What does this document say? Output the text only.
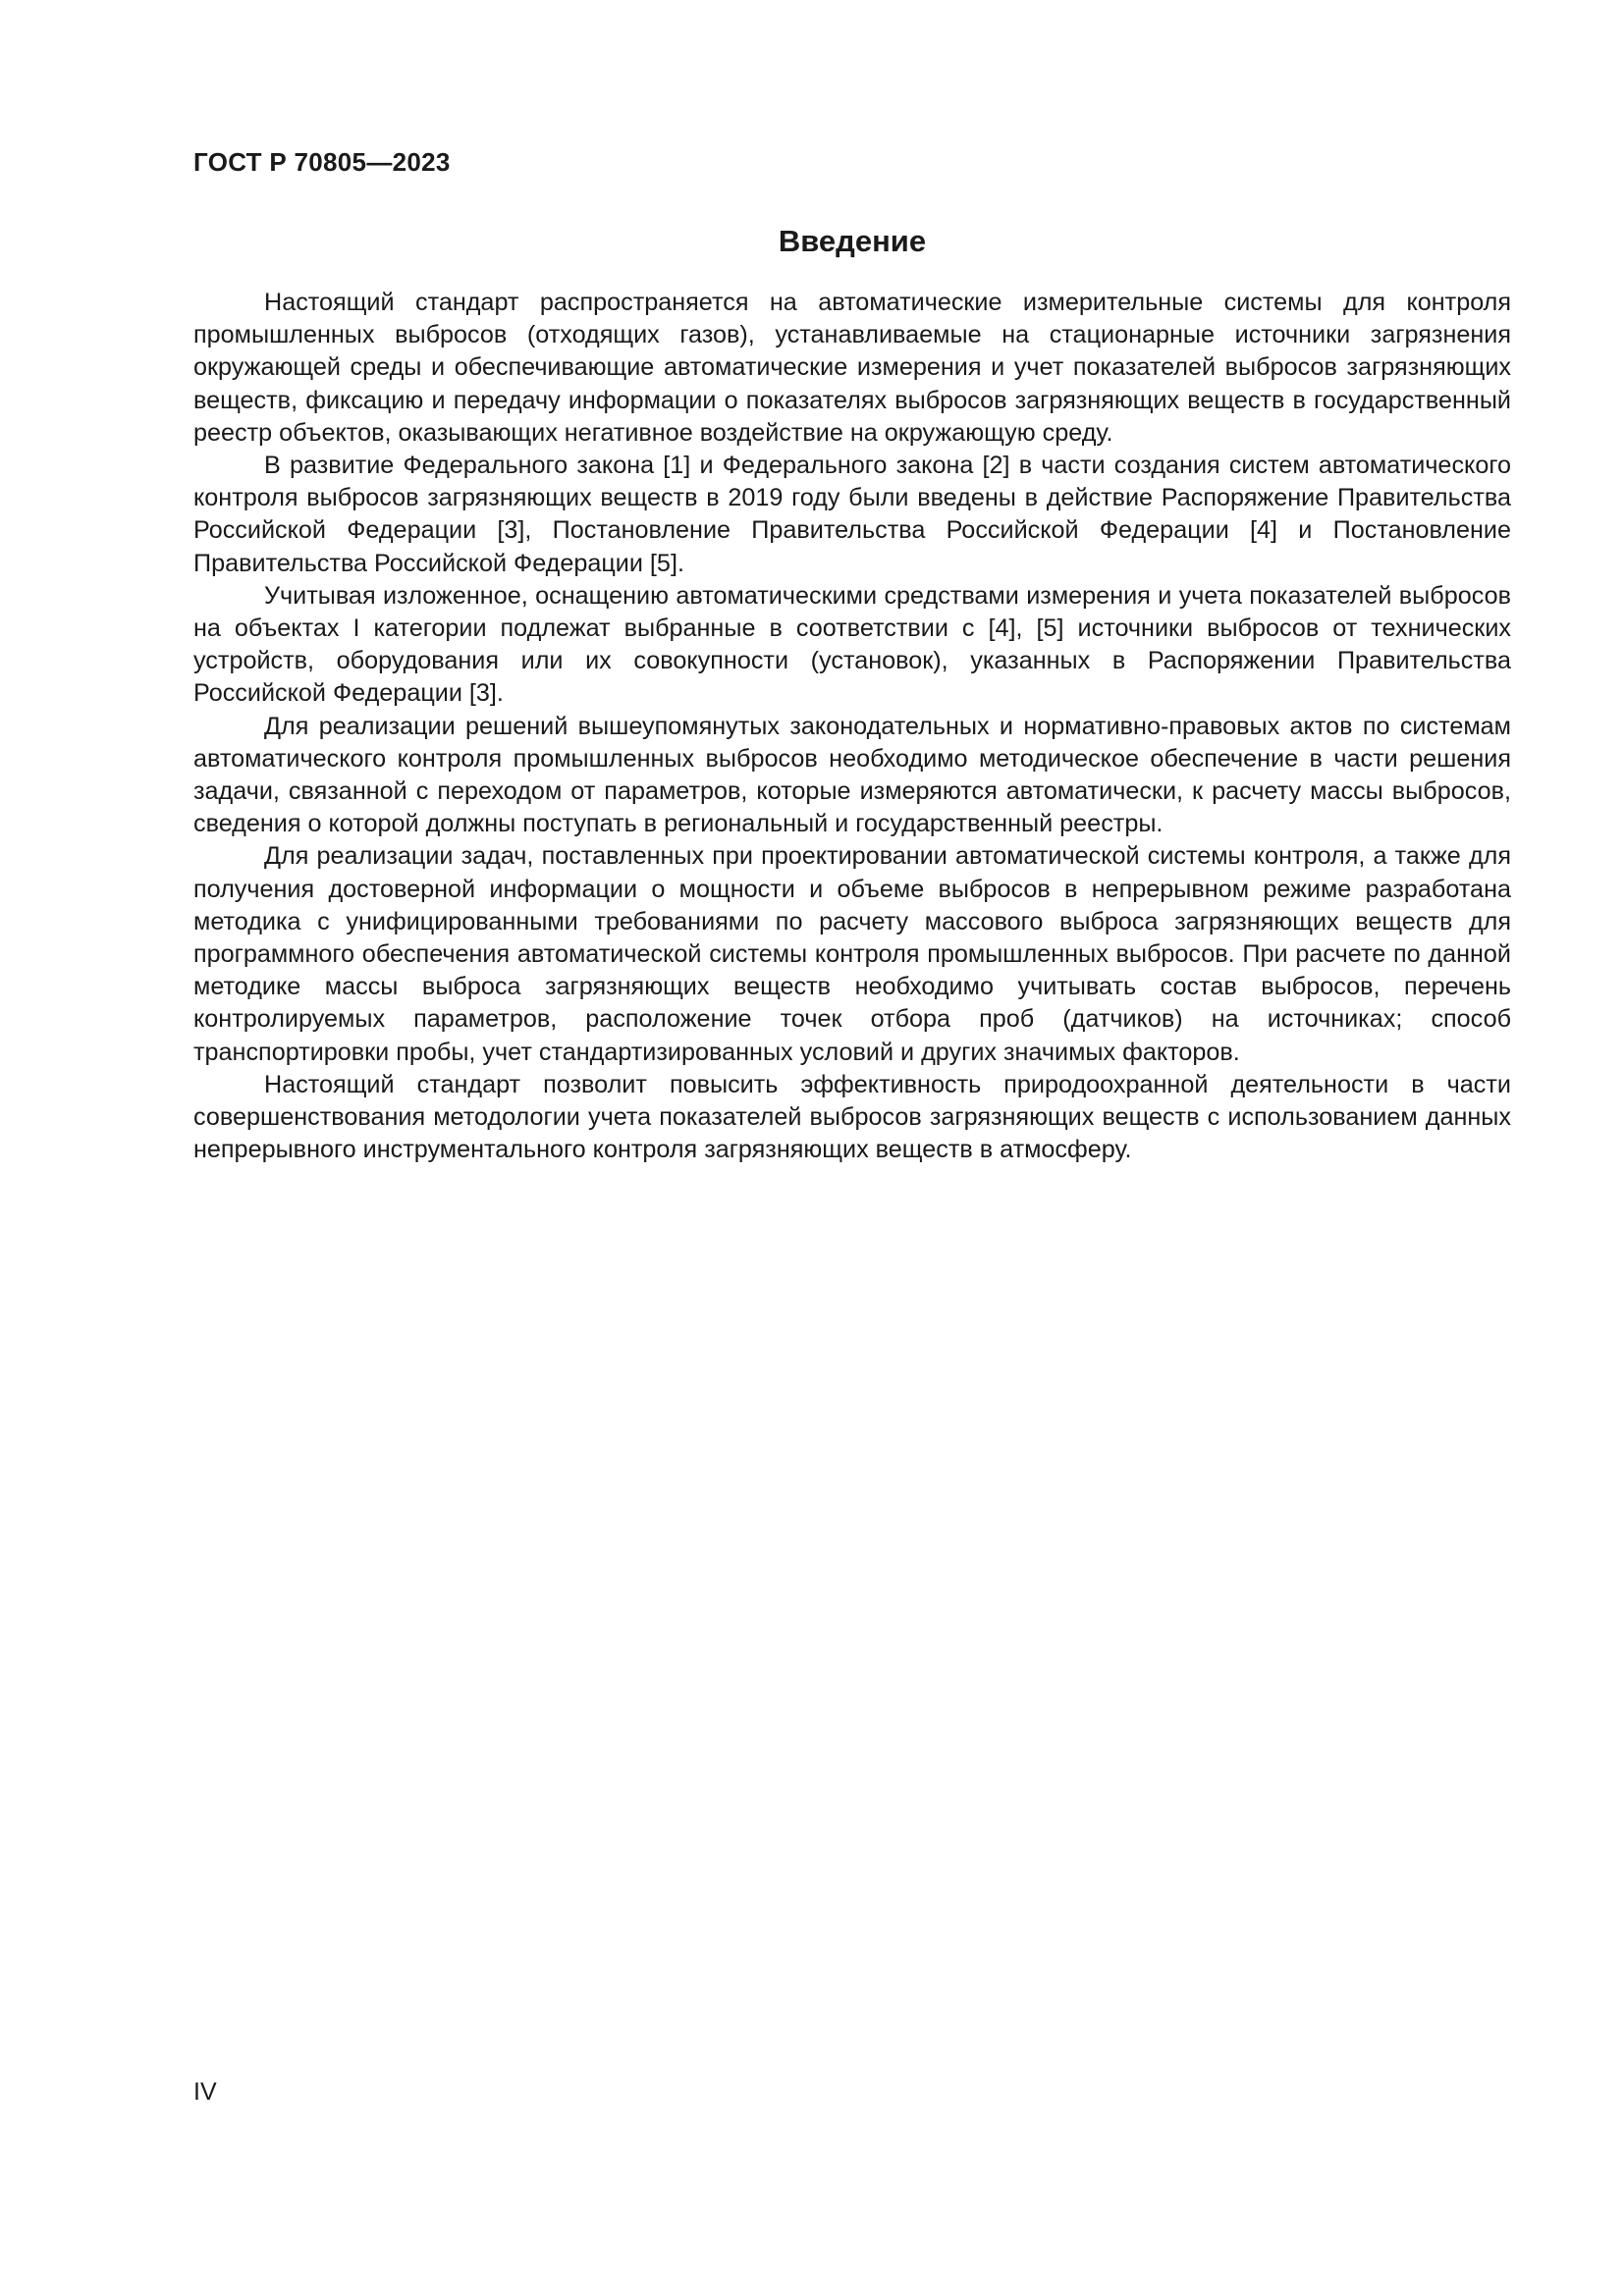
ГОСТ Р 70805—2023
Введение

Настоящий стандарт распространяется на автоматические измерительные системы для контроля промышленных выбросов (отходящих газов), устанавливаемые на стационарные источники загрязнения окружающей среды и обеспечивающие автоматические измерения и учет показателей выбросов загрязняющих веществ, фиксацию и передачу информации о показателях выбросов загрязняющих веществ в государственный реестр объектов, оказывающих негативное воздействие на окружающую среду.

В развитие Федерального закона [1] и Федерального закона [2] в части создания систем автоматического контроля выбросов загрязняющих веществ в 2019 году были введены в действие Распоряжение Правительства Российской Федерации [3], Постановление Правительства Российской Федерации [4] и Постановление Правительства Российской Федерации [5].

Учитывая изложенное, оснащению автоматическими средствами измерения и учета показателей выбросов на объектах I категории подлежат выбранные в соответствии с [4], [5] источники выбросов от технических устройств, оборудования или их совокупности (установок), указанных в Распоряжении Правительства Российской Федерации [3].

Для реализации решений вышеупомянутых законодательных и нормативно-правовых актов по системам автоматического контроля промышленных выбросов необходимо методическое обеспечение в части решения задачи, связанной с переходом от параметров, которые измеряются автоматически, к расчету массы выбросов, сведения о которой должны поступать в региональный и государственный реестры.

Для реализации задач, поставленных при проектировании автоматической системы контроля, а также для получения достоверной информации о мощности и объеме выбросов в непрерывном режиме разработана методика с унифицированными требованиями по расчету массового выброса загрязняющих веществ для программного обеспечения автоматической системы контроля промышленных выбросов. При расчете по данной методике массы выброса загрязняющих веществ необходимо учитывать состав выбросов, перечень контролируемых параметров, расположение точек отбора проб (датчиков) на источниках; способ транспортировки пробы, учет стандартизированных условий и других значимых факторов.

Настоящий стандарт позволит повысить эффективность природоохранной деятельности в части совершенствования методологии учета показателей выбросов загрязняющих веществ с использованием данных непрерывного инструментального контроля загрязняющих веществ в атмосферу.

IV
